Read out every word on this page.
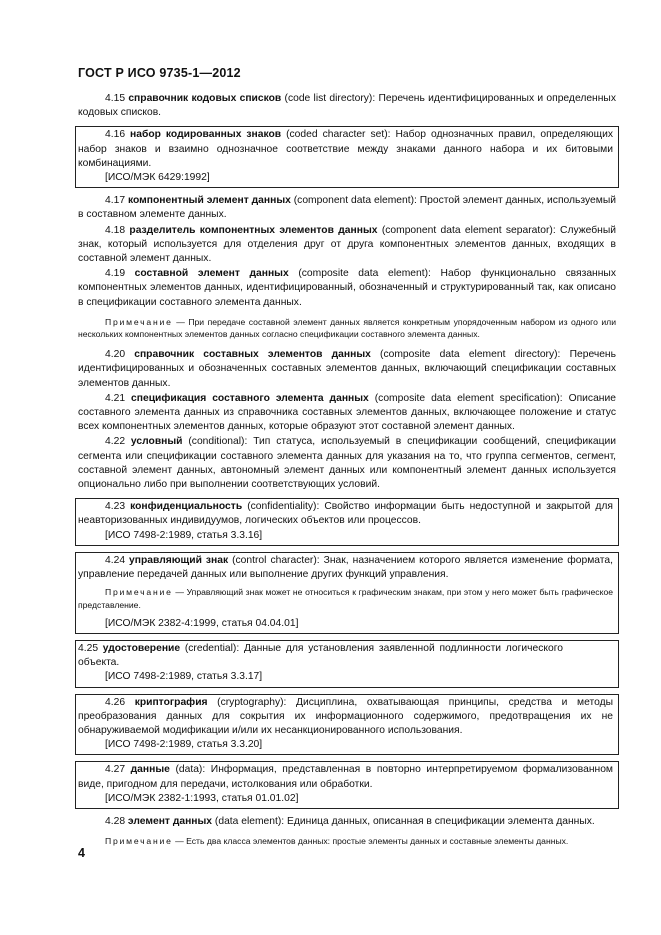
ГОСТ Р ИСО 9735-1—2012

4.15 справочник кодовых списков (code list directory): Перечень идентифицированных и определенных кодовых списков.

4.16 набор кодированных знаков (coded character set): Набор однозначных правил, определяющих набор знаков и взаимно однозначное соответствие между знаками данного набора и их битовыми комбинациями.

[ИСО/МЭК 6429:1992]

4.17 компонентный элемент данных (component data element): Простой элемент данных, используемый в составном элементе данных.

4.18 разделитель компонентных элементов данных (component data element separator): Служебный знак, который используется для отделения друг от друга компонентных элементов данных, входящих в составной элемент данных.

4.19 составной элемент данных (composite data element): Набор функционально связанных компонентных элементов данных, идентифицированный, обозначенный и структурированный так, как описано в спецификации составного элемента данных.

Примечание — При передаче составной элемент данных является конкретным упорядоченным набором из одного или нескольких компонентных элементов данных согласно спецификации составного элемента данных.

4.20 справочник составных элементов данных (composite data element directory): Перечень идентифицированных и обозначенных составных элементов данных, включающий спецификации составных элементов данных.

4.21 спецификация составного элемента данных (composite data element specification): Описание составного элемента данных из справочника составных элементов данных, включающее положение и статус всех компонентных элементов данных, которые образуют этот составной элемент данных.

4.22 условный (conditional): Тип статуса, используемый в спецификации сообщений, спецификации сегмента или спецификации составного элемента данных для указания на то, что группа сегментов, сегмент, составной элемент данных, автономный элемент данных или компонентный элемент данных используется опционально либо при выполнении соответствующих условий.

4.23 конфиденциальность (confidentiality): Свойство информации быть недоступной и закрытой для неавторизованных индивидуумов, логических объектов или процессов.

[ИСО 7498-2:1989, статья 3.3.16]

4.24 управляющий знак (control character): Знак, назначением которого является изменение формата, управление передачей данных или выполнение других функций управления.

Примечание — Управляющий знак может не относиться к графическим знакам, при этом у него может быть графическое представление.

[ИСО/МЭК 2382-4:1999, статья 04.04.01]

4.25 удостоверение (credential): Данные для установления заявленной подлинности логического объекта.

[ИСО 7498-2:1989, статья 3.3.17]

4.26 криптография (cryptography): Дисциплина, охватывающая принципы, средства и методы преобразования данных для сокрытия их информационного содержимого, предотвращения их не обнаруживаемой модификации и/или их несанкционированного использования.

[ИСО 7498-2:1989, статья 3.3.20]

4.27 данные (data): Информация, представленная в повторно интерпретируемом формализованном виде, пригодном для передачи, истолкования или обработки.

[ИСО/МЭК 2382-1:1993, статья 01.01.02]

4.28 элемент данных (data element): Единица данных, описанная в спецификации элемента данных.

Примечание — Есть два класса элементов данных: простые элементы данных и составные элементы данных.

4
